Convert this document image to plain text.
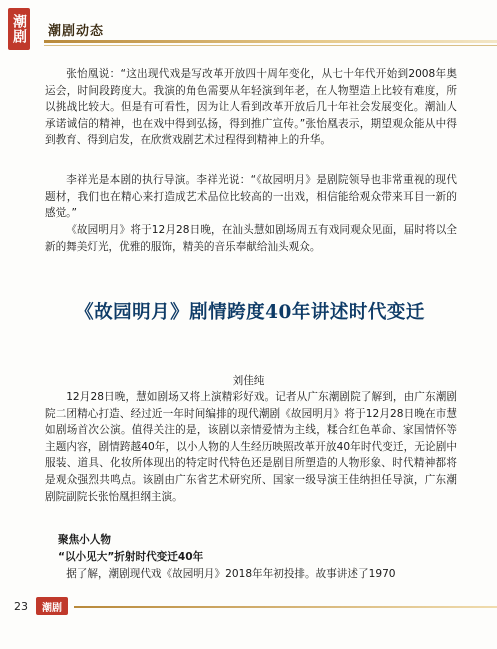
潮剧 潮剧动态

张怡凰说：“这出现代戏是写改革开放四十周年变化，从七十年代开始到2008年奥运会，时间段跨度大。我演的角色需要从年轻演到年老，在人物塑造上比较有难度，所以挑战比较大。但是有可看性，因为让人看到改革开放后几十年社会发展变化。潮汕人承诺诚信的精神，也在戏中得到弘扬，得到推广宣传。”张怡凰表示，期望观众能从中得到教育、得到启发，在欣赏戏剧艺术过程得到精神上的升华。

李祥光是本剧的执行导演。李祥光说：“《故园明月》是剧院领导也非常重视的现代题材，我们也在精心来打造成艺术品位比较高的一出戏，相信能给观众带来耳目一新的感觉。”

《故园明月》将于12月28日晚，在汕头慧如剧场周五有戏同观众见面，届时将以全新的舞美灯光，优雅的服饰，精美的音乐奉献给汕头观众。

《故园明月》剧情跨度40年讲述时代变迁

刘佳纯

12月28日晚，慧如剧场又将上演精彩好戏。记者从广东潮剧院了解到，由广东潮剧院二团精心打造、经过近一年时间编排的现代潮剧《故园明月》将于12月28日晚在市慧如剧场首次公演。值得关注的是，该剧以亲情爱情为主线，糅合红色革命、家国情怀等主题内容，剧情跨越40年，以小人物的人生经历映照改革开放40年时代变迁，无论剧中服装、道具、化妆所体现出的特定时代特色还是剧目所塑造的人物形象、时代精神都将是观众强烈共鸣点。该剧由广东省艺术研究所、国家一级导演王佳纳担任导演，广东潮剧院副院长张怡凰担纲主演。

聚焦小人物

“以小见大”折射时代变迁40年

据了解，潮剧现代戏《故园明月》2018年年初投排。故事讲述了1970

23 潮剧
